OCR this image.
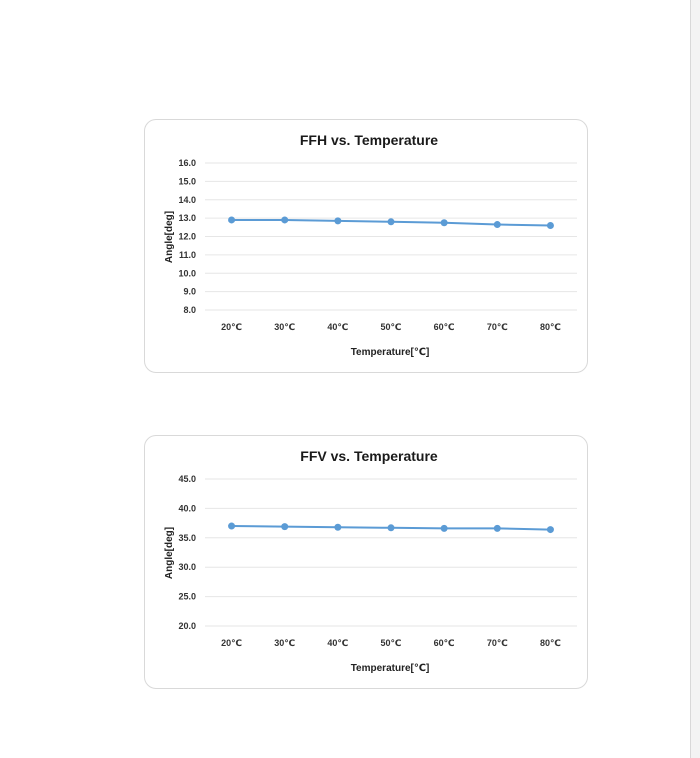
FFH vs. Temperature
8.0
9.0
10.0
11.0
12.0
13.0
14.0
15.0
16.0
20℃	30℃	40℃	50℃	60℃	70℃	80℃
Temperature[℃]
Angle[deg]
FFV vs. Temperature
20.0
25.0
30.0
35.0
40.0
45.0
20℃	30℃	40℃	50℃	60℃	70℃	80℃
Temperature[℃]
Angle[deg]
